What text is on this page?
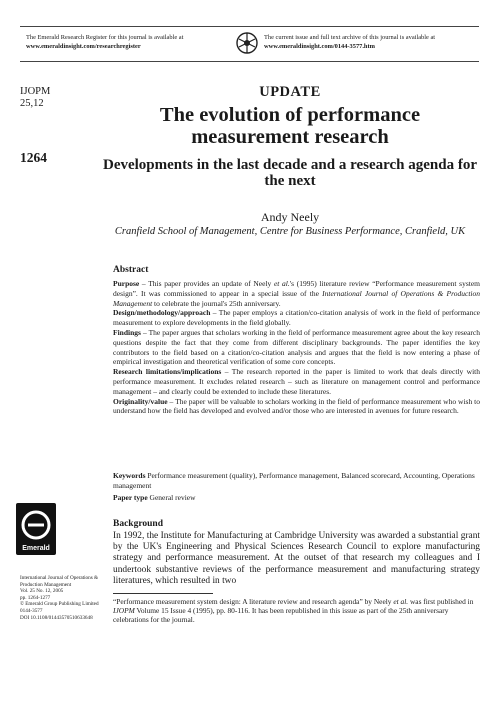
The Emerald Research Register for this journal is available at
www.emeraldinsight.com/researchregister
The current issue and full text archive of this journal is available at
www.emeraldinsight.com/0144-3577.htm
IJOPM
25,12
1264
UPDATE
The evolution of performance measurement research
Developments in the last decade and a research agenda for the next
Andy Neely
Cranfield School of Management, Centre for Business Performance, Cranfield, UK
Abstract

Purpose – This paper provides an update of Neely et al.'s (1995) literature review “Performance measurement system design”. It was commissioned to appear in a special issue of the International Journal of Operations & Production Management to celebrate the journal's 25th anniversary.

Design/methodology/approach – The paper employs a citation/co-citation analysis of work in the field of performance measurement to explore developments in the field globally.

Findings – The paper argues that scholars working in the field of performance measurement agree about the key research questions despite the fact that they come from different disciplinary backgrounds. The paper identifies the key contributors to the field based on a citation/co-citation analysis and argues that the field is now entering a phase of empirical investigation and theoretical verification of some core concepts.

Research limitations/implications – The research reported in the paper is limited to work that deals directly with performance measurement. It excludes related research – such as literature on management control and performance management – and clearly could be extended to include these literatures.

Originality/value – The paper will be valuable to scholars working in the field of performance measurement who wish to understand how the field has developed and evolved and/or those who are interested in avenues for future research.

Keywords Performance measurement (quality), Performance management, Balanced scorecard, Accounting, Operations management
Paper type General review
Background
In 1992, the Institute for Manufacturing at Cambridge University was awarded a substantial grant by the UK's Engineering and Physical Sciences Research Council to explore manufacturing strategy and performance measurement. At the outset of that research my colleagues and I undertook substantive reviews of the performance measurement and manufacturing strategy literatures, which resulted in two
“Performance measurement system design: A literature review and research agenda” by Neely et al. was first published in IJOPM Volume 15 Issue 4 (1995), pp. 80-116. It has been republished in this issue as part of the 25th anniversary celebrations for the journal.
Emerald
International Journal of Operations & Production Management
Vol. 25 No. 12, 2005
pp. 1264-1277
© Emerald Group Publishing Limited
0144-3577
DOI 10.1108/01443570510633648
